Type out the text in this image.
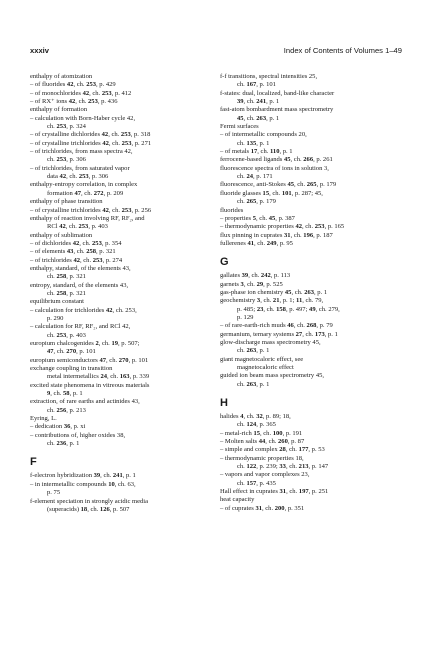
xxxiv	Index of Contents of Volumes 1–49
enthalpy of atomization
– of fluorides 42, ch. 253, p. 429
– of monochlorides 42, ch. 253, p. 412
– of RX⁺ ions 42, ch. 253, p. 436
enthalpy of formation
– calculation with Born-Haber cycle 42,
ch. 253, p. 324
– of crystalline dichlorides 42, ch. 253, p. 318
– of crystalline trichlorides 42, ch. 253, p. 271
– of trichlorides, from mass spectra 42,
ch. 253, p. 306
– of trichlorides, from saturated vapor
data 42, ch. 253, p. 306
enthalpy-entropy correlation, in complex
formation 47, ch. 272, p. 209
enthalpy of phase transition
– of crystalline trichlorides 42, ch. 253, p. 256
enthalpy of reaction involving RF, RF₂, and
RCl 42, ch. 253, p. 403
enthalpy of sublimation
– of dichlorides 42, ch. 253, p. 354
– of elements 43, ch. 258, p. 321
– of trichlorides 42, ch. 253, p. 274
enthalpy, standard, of the elements 43,
ch. 258, p. 321
entropy, standard, of the elements 43,
ch. 258, p. 321
equilibrium constant
– calculation for trichlorides 42, ch. 253,
p. 290
– calculation for RF, RF₂, and RCl 42,
ch. 253, p. 403
europium chalcogenides 2, ch. 19, p. 507;
47, ch. 270, p. 101
europium semiconductors 47, ch. 270, p. 101
exchange coupling in transition
metal intermetallics 24, ch. 163, p. 339
excited state phenomena in vitreous materials
9, ch. 58, p. 1
extraction, of rare earths and actinides 43,
ch. 256, p. 213
Eyring, L.
– dedication 36, p. xi
– contributions of, higher oxides 38,
ch. 236, p. 1
F
f-electron hybridization 39, ch. 241, p. 1
– in intermetallic compounds 10, ch. 63,
p. 75
f-element speciation in strongly acidic media
(superacids) 18, ch. 126, p. 507
f-f transitions, spectral intensities 25,
ch. 167, p. 101
f-states: dual, localized, band-like character
39, ch. 241, p. 1
fast-atom bombardment mass spectrometry
45, ch. 263, p. 1
Fermi surfaces
– of intermetallic compounds 20,
ch. 135, p. 1
– of metals 17, ch. 110, p. 1
ferrocene-based ligands 45, ch. 266, p. 261
fluorescence spectra of ions in solution 3,
ch. 24, p. 171
fluorescence, anti-Stokes 45, ch. 265, p. 179
fluoride glasses 15, ch. 101, p. 287; 45,
ch. 265, p. 179
fluorides
– properties 5, ch. 45, p. 387
– thermodynamic properties 42, ch. 253, p. 165
flux pinning in cuprates 31, ch. 196, p. 187
fullerenes 41, ch. 249, p. 95
G
gallates 39, ch. 242, p. 113
garnets 3, ch. 29, p. 525
gas-phase ion chemistry 45, ch. 263, p. 1
geochemistry 3, ch. 21, p. 1; 11, ch. 79,
p. 485; 23, ch. 158, p. 497; 49, ch. 279,
p. 129
– of rare-earth-rich muds 46, ch. 268, p. 79
germanium, ternary systems 27, ch. 173, p. 1
glow-discharge mass spectrometry 45,
ch. 263, p. 1
giant magnetocaloric effect, see
magnetocaloric effect
guided ion beam mass spectrometry 45,
ch. 263, p. 1
H
halides 4, ch. 32, p. 89; 18,
ch. 124, p. 365
– metal-rich 15, ch. 100, p. 191
– Molten salts 44, ch. 260, p. 87
– simple and complex 28, ch. 177, p. 53
– thermodynamic properties 18,
ch. 122, p. 239; 33, ch. 213, p. 147
– vapors and vapor complexes 23,
ch. 157, p. 435
Hall effect in cuprates 31, ch. 197, p. 251
heat capacity
– of cuprates 31, ch. 200, p. 351
